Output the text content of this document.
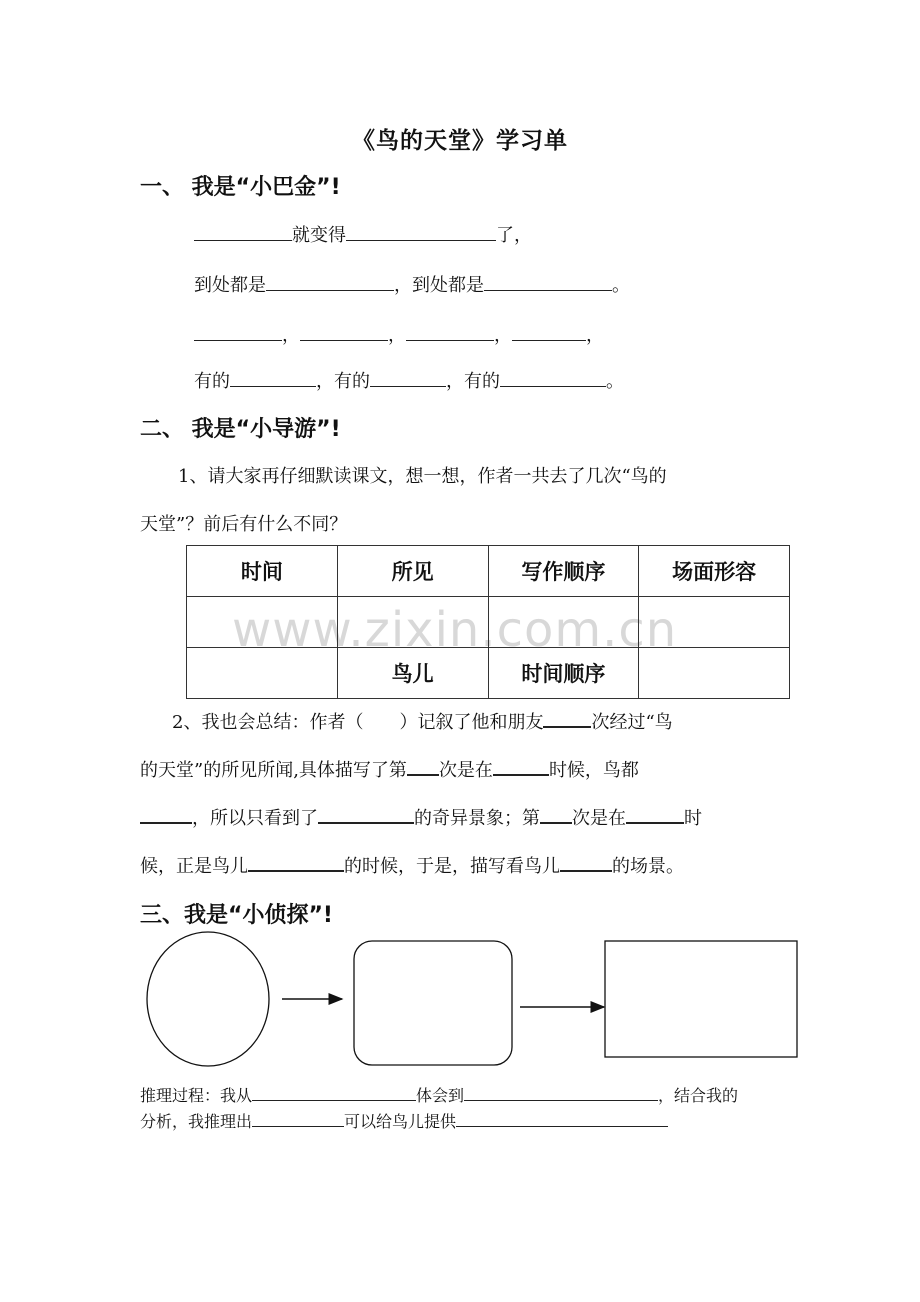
《鸟的天堂》学习单
一、 我是“小巴金”!
就变得	了，
到处都是	，到处都是	。
，	，	，	，
有的	，有的	，有的	。
二、 我是“小导游”!
1、请大家再仔细默读课文，想一想，作者一共去了几次“鸟的
天堂”？前后有什么不同？
www.zixin.com.cn
时间	所见	写作顺序	场面形容

	鸟儿	时间顺序	
2、我也会总结：作者（ ）记叙了他和朋友	次经过“鸟
的天堂”的所见所闻,具体描写了第 次是在	时候，鸟都
，所以只看到了	的奇异景象；第 次是在	时
候，正是鸟儿	的时候，于是，描写看鸟儿	的场景。
三、我是“小侦探”!
推理过程：我从	体会到	，结合我的
分析，我推理出	可以给鸟儿提供
